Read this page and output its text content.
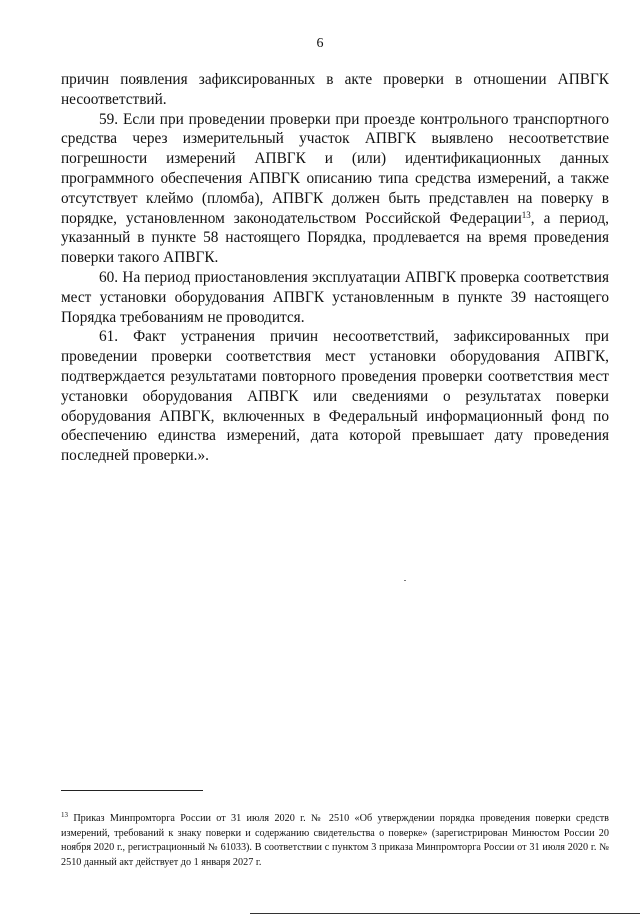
6

причин появления зафиксированных в акте проверки в отношении АПВГК несоответствий.

59. Если при проведении проверки при проезде контрольного транспортного средства через измерительный участок АПВГК выявлено несоответствие погрешности измерений АПВГК и (или) идентификационных данных программного обеспечения АПВГК описанию типа средства измерений, а также отсутствует клеймо (пломба), АПВГК должен быть представлен на поверку в порядке, установленном законодательством Российской Федерации$^{13}$, а период, указанный в пункте 58 настоящего Порядка, продлевается на время проведения поверки такого АПВГК.

60. На период приостановления эксплуатации АПВГК проверка соответствия мест установки оборудования АПВГК установленным в пункте 39 настоящего Порядка требованиям не проводится.

61. Факт устранения причин несоответствий, зафиксированных при проведении проверки соответствия мест установки оборудования АПВГК, подтверждается результатами повторного проведения проверки соответствия мест установки оборудования АПВГК или сведениями о результатах поверки оборудования АПВГК, включенных в Федеральный информационный фонд по обеспечению единства измерений, дата которой превышает дату проведения последней проверки.».

$^{13}$ Приказ Минпромторга России от 31 июля 2020 г. № 2510 «Об утверждении порядка проведения поверки средств измерений, требований к знаку поверки и содержанию свидетельства о поверке» (зарегистрирован Минюстом России 20 ноября 2020 г., регистрационный № 61033). В соответствии с пунктом 3 приказа Минпромторга России от 31 июля 2020 г. № 2510 данный акт действует до 1 января 2027 г.
